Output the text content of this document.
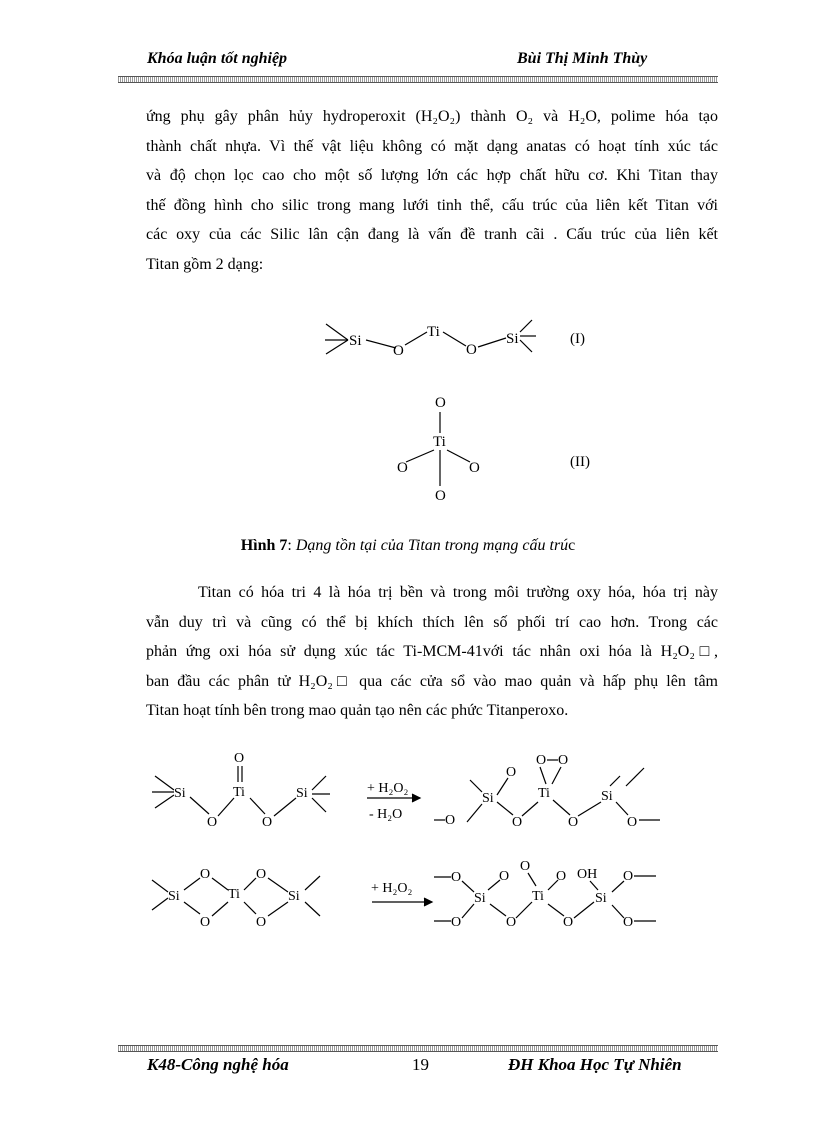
Khóa luận tốt nghiệp	Bùi Thị Minh Thùy
ứng phụ gây phân hủy hydroperoxit (H₂O₂) thành O₂ và H₂O, polime hóa tạo
thành chất nhựa. Vì thế vật liệu không có mặt dạng anatas có hoạt tính xúc tác
và độ chọn lọc cao cho một số lượng lớn các hợp chất hữu cơ. Khi Titan thay
thế đồng hình cho silic trong mang lưới tinh thể, cấu trúc của liên kết Titan với
các oxy của các Silic lân cận đang là vấn đề tranh cãi . Cấu trúc của liên kết
Titan gồm 2 dạng:
Si
O
Ti
O
Si	(I)
O
Ti
O	O
O
(II)
Hình 7: Dạng tồn tại của Titan trong mạng cấu trúc
Titan có hóa tri 4 là hóa trị bền và trong môi trường oxy hóa, hóa trị này
vẫn duy trì và cũng có thể bị khích thích lên số phối trí cao hơn. Trong các
phản ứng oxi hóa sử dụng xúc tác Ti-MCM-41với tác nhân oxi hóa là H₂O₂□,
ban đầu các phân tử H₂O₂□ qua các cửa sổ vào mao quản và hấp phụ lên tâm
Titan hoạt tính bên trong mao quản tạo nên các phức Titanperoxo.
Si
O
O
Ti
O
Si	+ H₂O₂
- H₂O
Si
O
O	O
O O
Ti
O
Si
O
Si
O
O
Ti
O
O
Si
+ H₂O₂
O
O
Si
O
O
O
Ti
O
O
OH
Si
O
O
K48-Công nghệ hóa	19	ĐH Khoa Học Tự Nhiên
